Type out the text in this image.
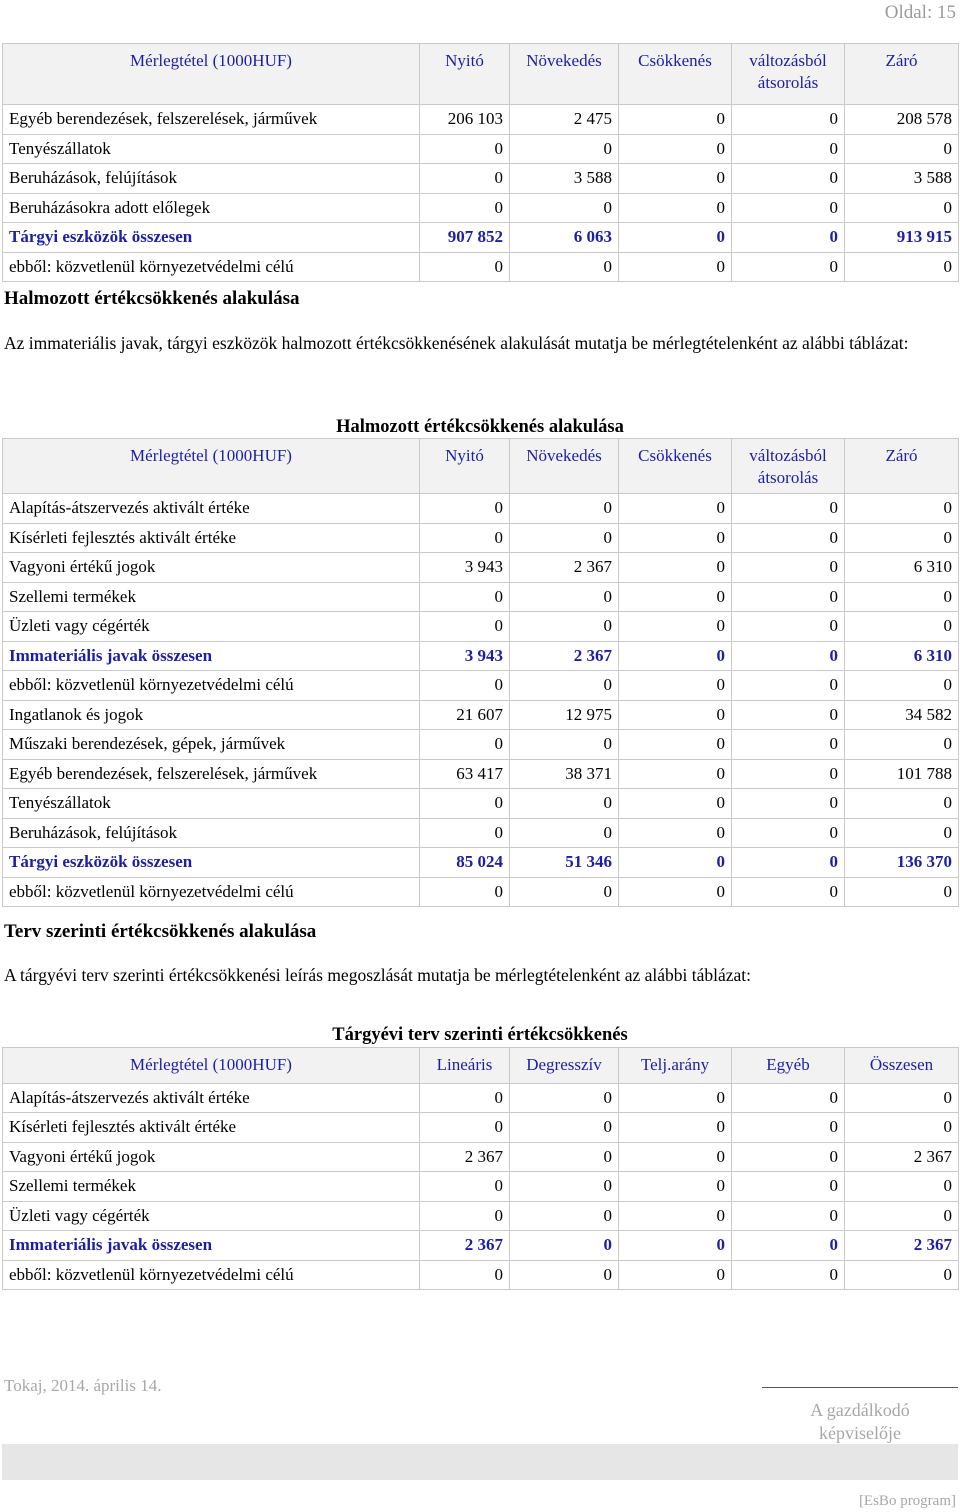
Oldal: 15
Mérlegtétel (1000HUF)	Nyitó	Növekedés	Csökkenés	változásból átsorolás	Záró
Egyéb berendezések, felszerelések, járművek	206 103	2 475	0	0	208 578
Tenyészállatok	0	0	0	0	0
Beruházások, felújítások	0	3 588	0	0	3 588
Beruházásokra adott előlegek	0	0	0	0	0
Tárgyi eszközök összesen	907 852	6 063	0	0	913 915
ebből: közvetlenül környezetvédelmi célú	0	0	0	0	0
Halmozott értékcsökkenés alakulása
Az immateriális javak, tárgyi eszközök halmozott értékcsökkenésének alakulását mutatja be mérlegtételenként az alábbi táblázat:
Halmozott értékcsökkenés alakulása
Mérlegtétel (1000HUF)	Nyitó	Növekedés	Csökkenés	változásból átsorolás	Záró
Alapítás-átszervezés aktivált értéke	0	0	0	0	0
Kísérleti fejlesztés aktivált értéke	0	0	0	0	0
Vagyoni értékű jogok	3 943	2 367	0	0	6 310
Szellemi termékek	0	0	0	0	0
Üzleti vagy cégérték	0	0	0	0	0
Immateriális javak összesen	3 943	2 367	0	0	6 310
ebből: közvetlenül környezetvédelmi célú	0	0	0	0	0
Ingatlanok és jogok	21 607	12 975	0	0	34 582
Műszaki berendezések, gépek, járművek	0	0	0	0	0
Egyéb berendezések, felszerelések, járművek	63 417	38 371	0	0	101 788
Tenyészállatok	0	0	0	0	0
Beruházások, felújítások	0	0	0	0	0
Tárgyi eszközök összesen	85 024	51 346	0	0	136 370
ebből: közvetlenül környezetvédelmi célú	0	0	0	0	0
Terv szerinti értékcsökkenés alakulása
A tárgyévi terv szerinti értékcsökkenési leírás megoszlását mutatja be mérlegtételenként az alábbi táblázat:
Tárgyévi terv szerinti értékcsökkenés
Mérlegtétel (1000HUF)	Lineáris	Degresszív	Telj.arány	Egyéb	Összesen
Alapítás-átszervezés aktivált értéke	0	0	0	0	0
Kísérleti fejlesztés aktivált értéke	0	0	0	0	0
Vagyoni értékű jogok	2 367	0	0	0	2 367
Szellemi termékek	0	0	0	0	0
Üzleti vagy cégérték	0	0	0	0	0
Immateriális javak összesen	2 367	0	0	0	2 367
ebből: közvetlenül környezetvédelmi célú	0	0	0	0	0
Tokaj, 2014. április 14.
A gazdálkodó képviselője
[EsBo program]
